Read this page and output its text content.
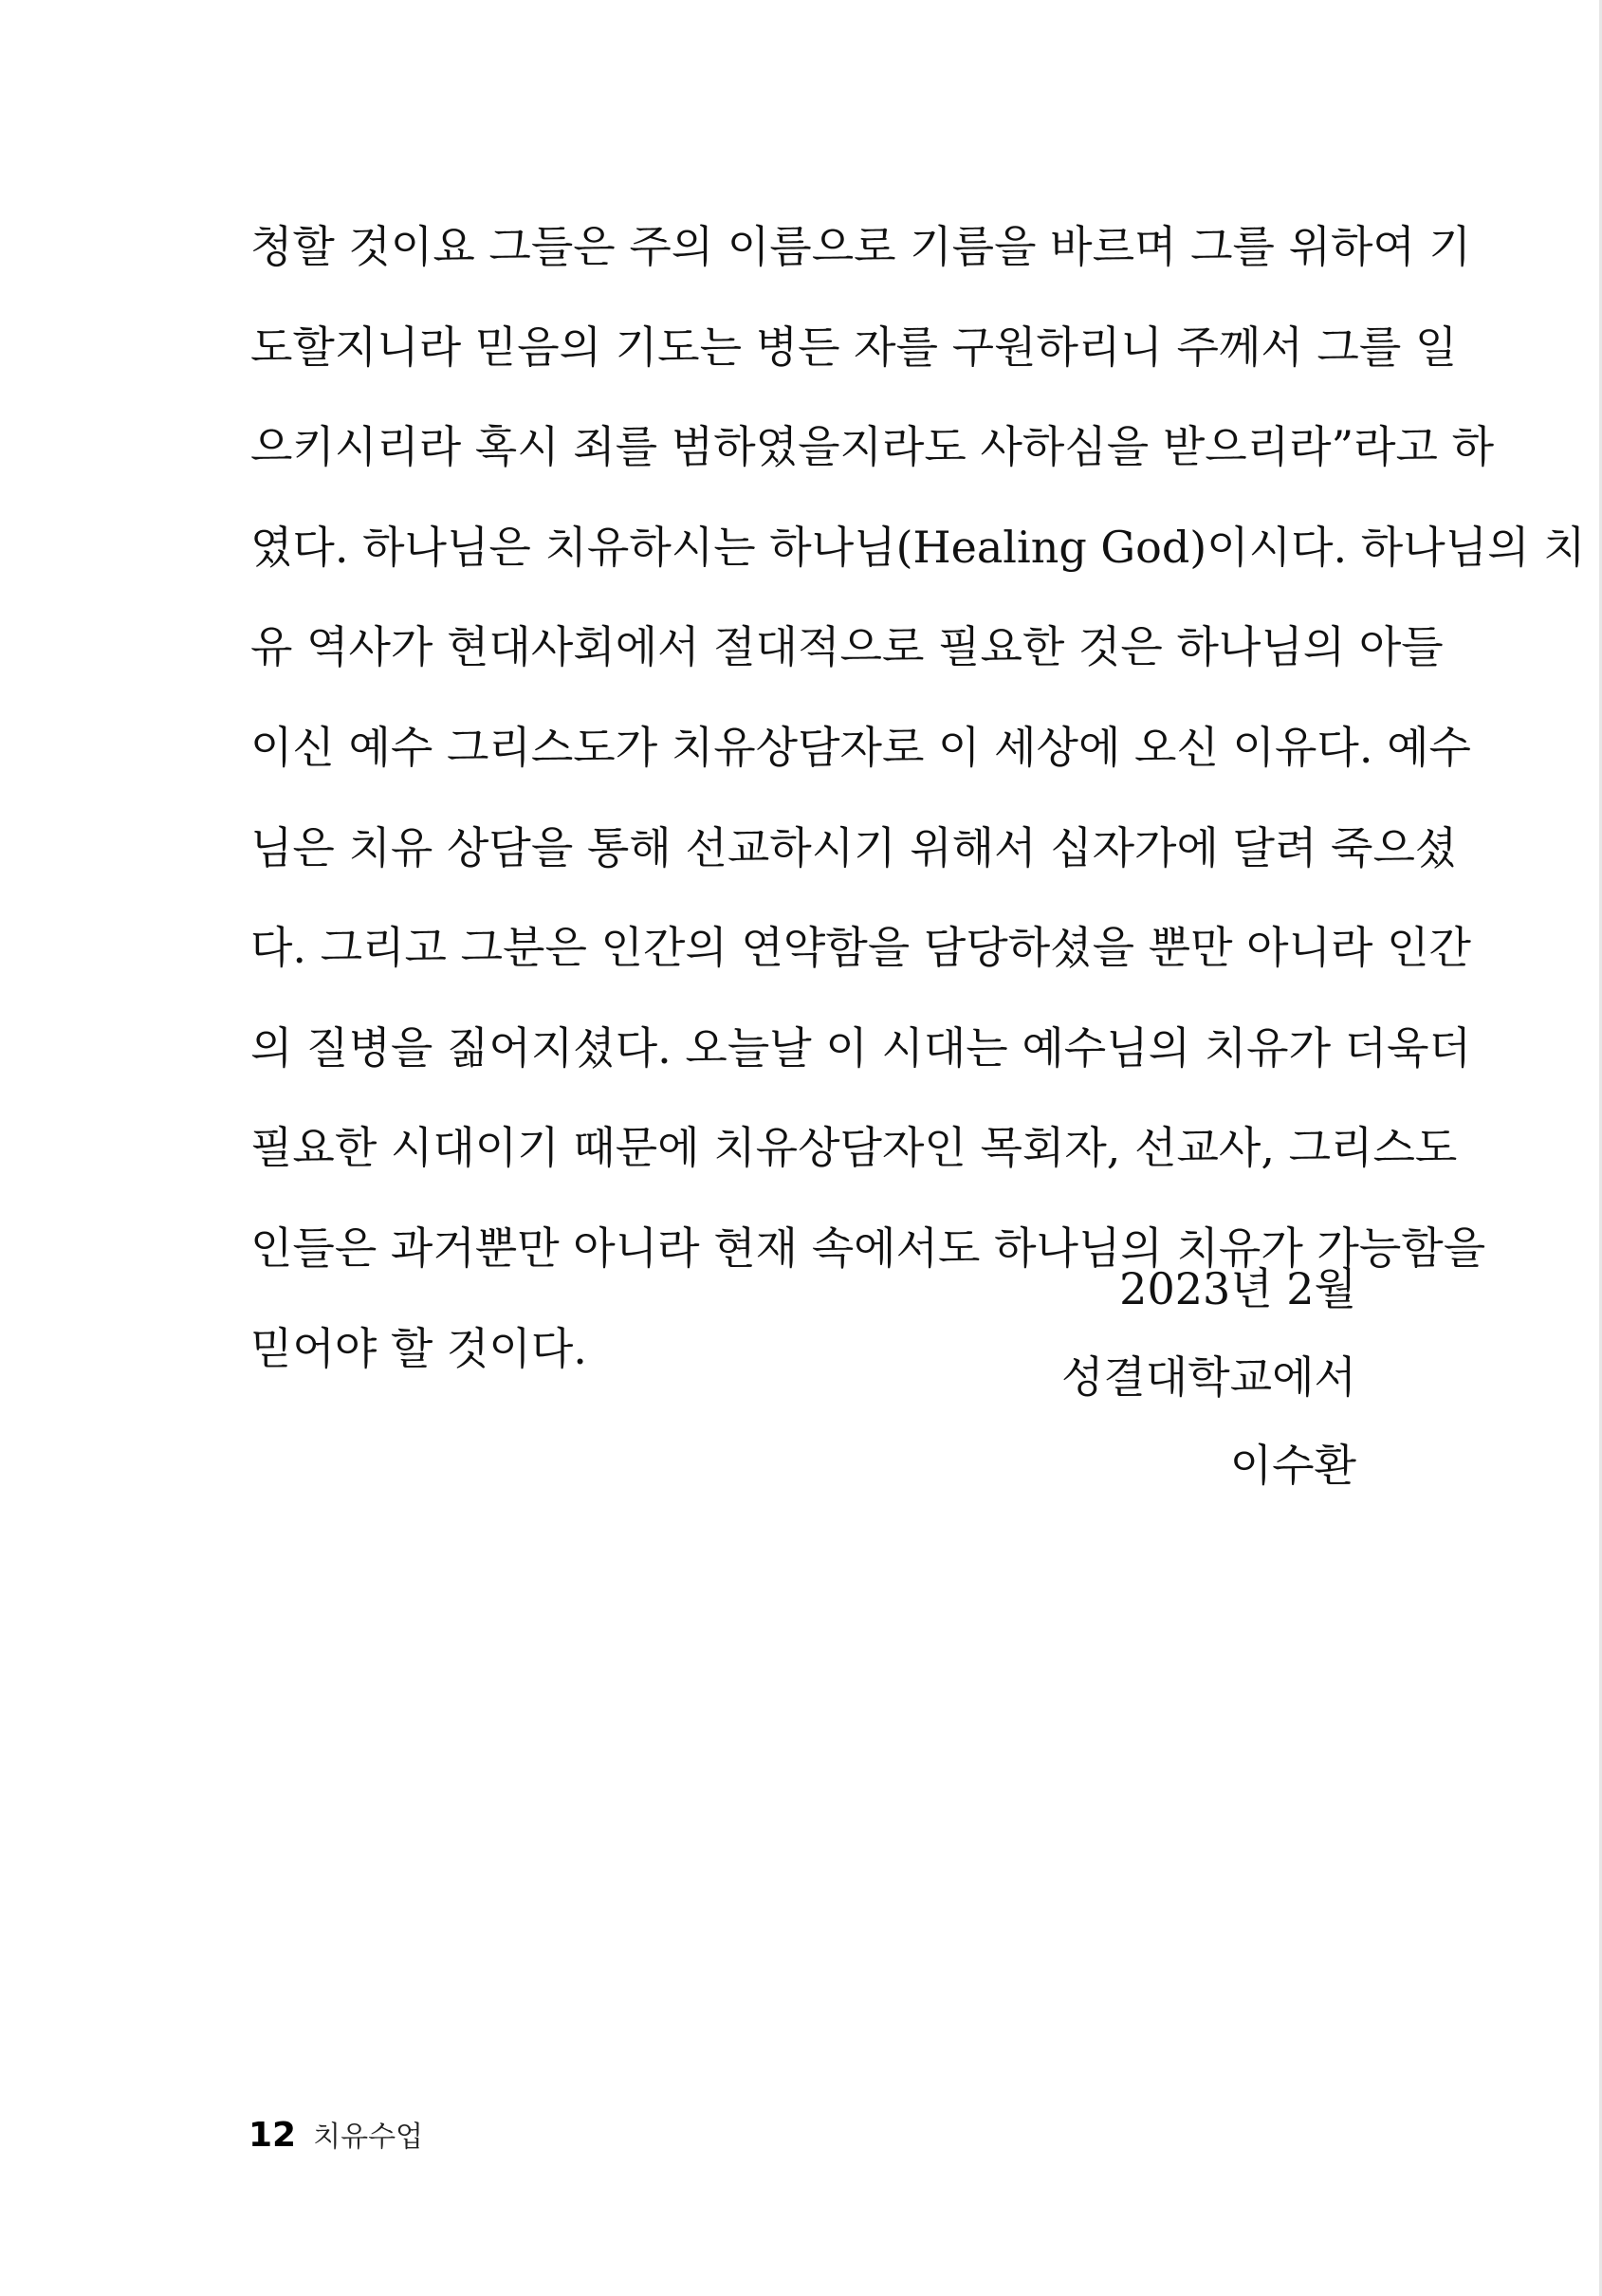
청할 것이요 그들은 주의 이름으로 기름을 바르며 그를 위하여 기
도할지니라 믿음의 기도는 병든 자를 구원하리니 주께서 그를 일
으키시리라 혹시 죄를 범하였을지라도 사하심을 받으리라”라고 하
였다. 하나님은 치유하시는 하나님(Healing God)이시다. 하나님의 치
유 역사가 현대사회에서 절대적으로 필요한 것은 하나님의 아들
이신 예수 그리스도가 치유상담자로 이 세상에 오신 이유다. 예수
님은 치유 상담을 통해 선교하시기 위해서 십자가에 달려 죽으셨
다. 그리고 그분은 인간의 연약함을 담당하셨을 뿐만 아니라 인간
의 질병을 짊어지셨다. 오늘날 이 시대는 예수님의 치유가 더욱더
필요한 시대이기 때문에 치유상담자인 목회자, 선교사, 그리스도
인들은 과거뿐만 아니라 현재 속에서도 하나님의 치유가 가능함을
믿어야 할 것이다.
2023년 2월
성결대학교에서
이수환
12 치유수업
